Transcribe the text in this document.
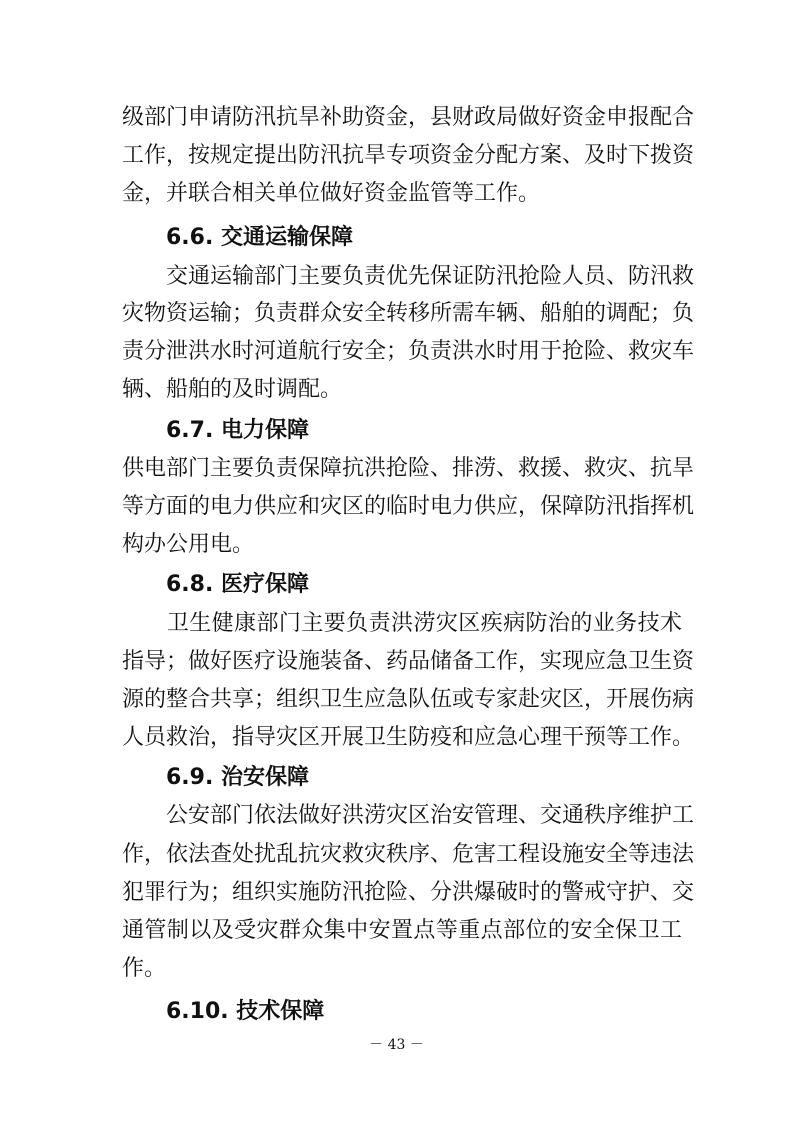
级部门申请防汛抗旱补助资金，县财政局做好资金申报配合
工作，按规定提出防汛抗旱专项资金分配方案、及时下拨资
金，并联合相关单位做好资金监管等工作。
6.6. 交通运输保障
　　交通运输部门主要负责优先保证防汛抢险人员、防汛救
灾物资运输；负责群众安全转移所需车辆、船舶的调配；负
责分泄洪水时河道航行安全；负责洪水时用于抢险、救灾车
辆、船舶的及时调配。
6.7. 电力保障
供电部门主要负责保障抗洪抢险、排涝、救援、救灾、抗旱
等方面的电力供应和灾区的临时电力供应，保障防汛指挥机
构办公用电。
6.8. 医疗保障
　　卫生健康部门主要负责洪涝灾区疾病防治的业务技术
指导；做好医疗设施装备、药品储备工作，实现应急卫生资
源的整合共享；组织卫生应急队伍或专家赴灾区，开展伤病
人员救治，指导灾区开展卫生防疫和应急心理干预等工作。
6.9. 治安保障
　　公安部门依法做好洪涝灾区治安管理、交通秩序维护工
作，依法查处扰乱抗灾救灾秩序、危害工程设施安全等违法
犯罪行为；组织实施防汛抢险、分洪爆破时的警戒守护、交
通管制以及受灾群众集中安置点等重点部位的安全保卫工
作。
6.10. 技术保障
－ 43 －
